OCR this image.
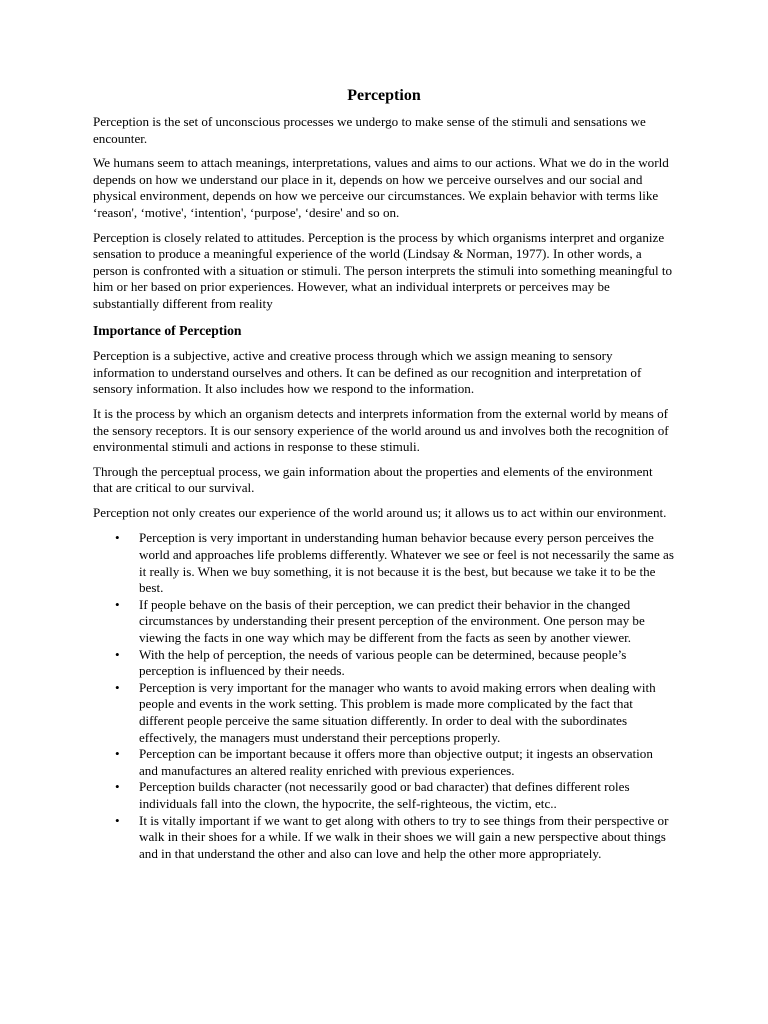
Perception

Perception is the set of unconscious processes we undergo to make sense of the stimuli and sensations we encounter.

We humans seem to attach meanings, interpretations, values and aims to our actions. What we do in the world depends on how we understand our place in it, depends on how we perceive ourselves and our social and physical environment, depends on how we perceive our circumstances. We explain behavior with terms like ‘reason', ‘motive', ‘intention', ‘purpose', ‘desire' and so on.

Perception is closely related to attitudes. Perception is the process by which organisms interpret and organize sensation to produce a meaningful experience of the world (Lindsay & Norman, 1977). In other words, a person is confronted with a situation or stimuli. The person interprets the stimuli into something meaningful to him or her based on prior experiences. However, what an individual interprets or perceives may be substantially different from reality

Importance of Perception

Perception is a subjective, active and creative process through which we assign meaning to sensory information to understand ourselves and others. It can be defined as our recognition and interpretation of sensory information. It also includes how we respond to the information.

It is the process by which an organism detects and interprets information from the external world by means of the sensory receptors. It is our sensory experience of the world around us and involves both the recognition of environmental stimuli and actions in response to these stimuli.

Through the perceptual process, we gain information about the properties and elements of the environment that are critical to our survival.

Perception not only creates our experience of the world around us; it allows us to act within our environment.

• Perception is very important in understanding human behavior because every person perceives the world and approaches life problems differently. Whatever we see or feel is not necessarily the same as it really is. When we buy something, it is not because it is the best, but because we take it to be the best.
• If people behave on the basis of their perception, we can predict their behavior in the changed circumstances by understanding their present perception of the environment. One person may be viewing the facts in one way which may be different from the facts as seen by another viewer.
• With the help of perception, the needs of various people can be determined, because people’s perception is influenced by their needs.
• Perception is very important for the manager who wants to avoid making errors when dealing with people and events in the work setting. This problem is made more complicated by the fact that different people perceive the same situation differently. In order to deal with the subordinates effectively, the managers must understand their perceptions properly.
• Perception can be important because it offers more than objective output; it ingests an observation and manufactures an altered reality enriched with previous experiences.
• Perception builds character (not necessarily good or bad character) that defines different roles individuals fall into the clown, the hypocrite, the self-righteous, the victim, etc..
• It is vitally important if we want to get along with others to try to see things from their perspective or walk in their shoes for a while. If we walk in their shoes we will gain a new perspective about things and in that understand the other and also can love and help the other more appropriately.
